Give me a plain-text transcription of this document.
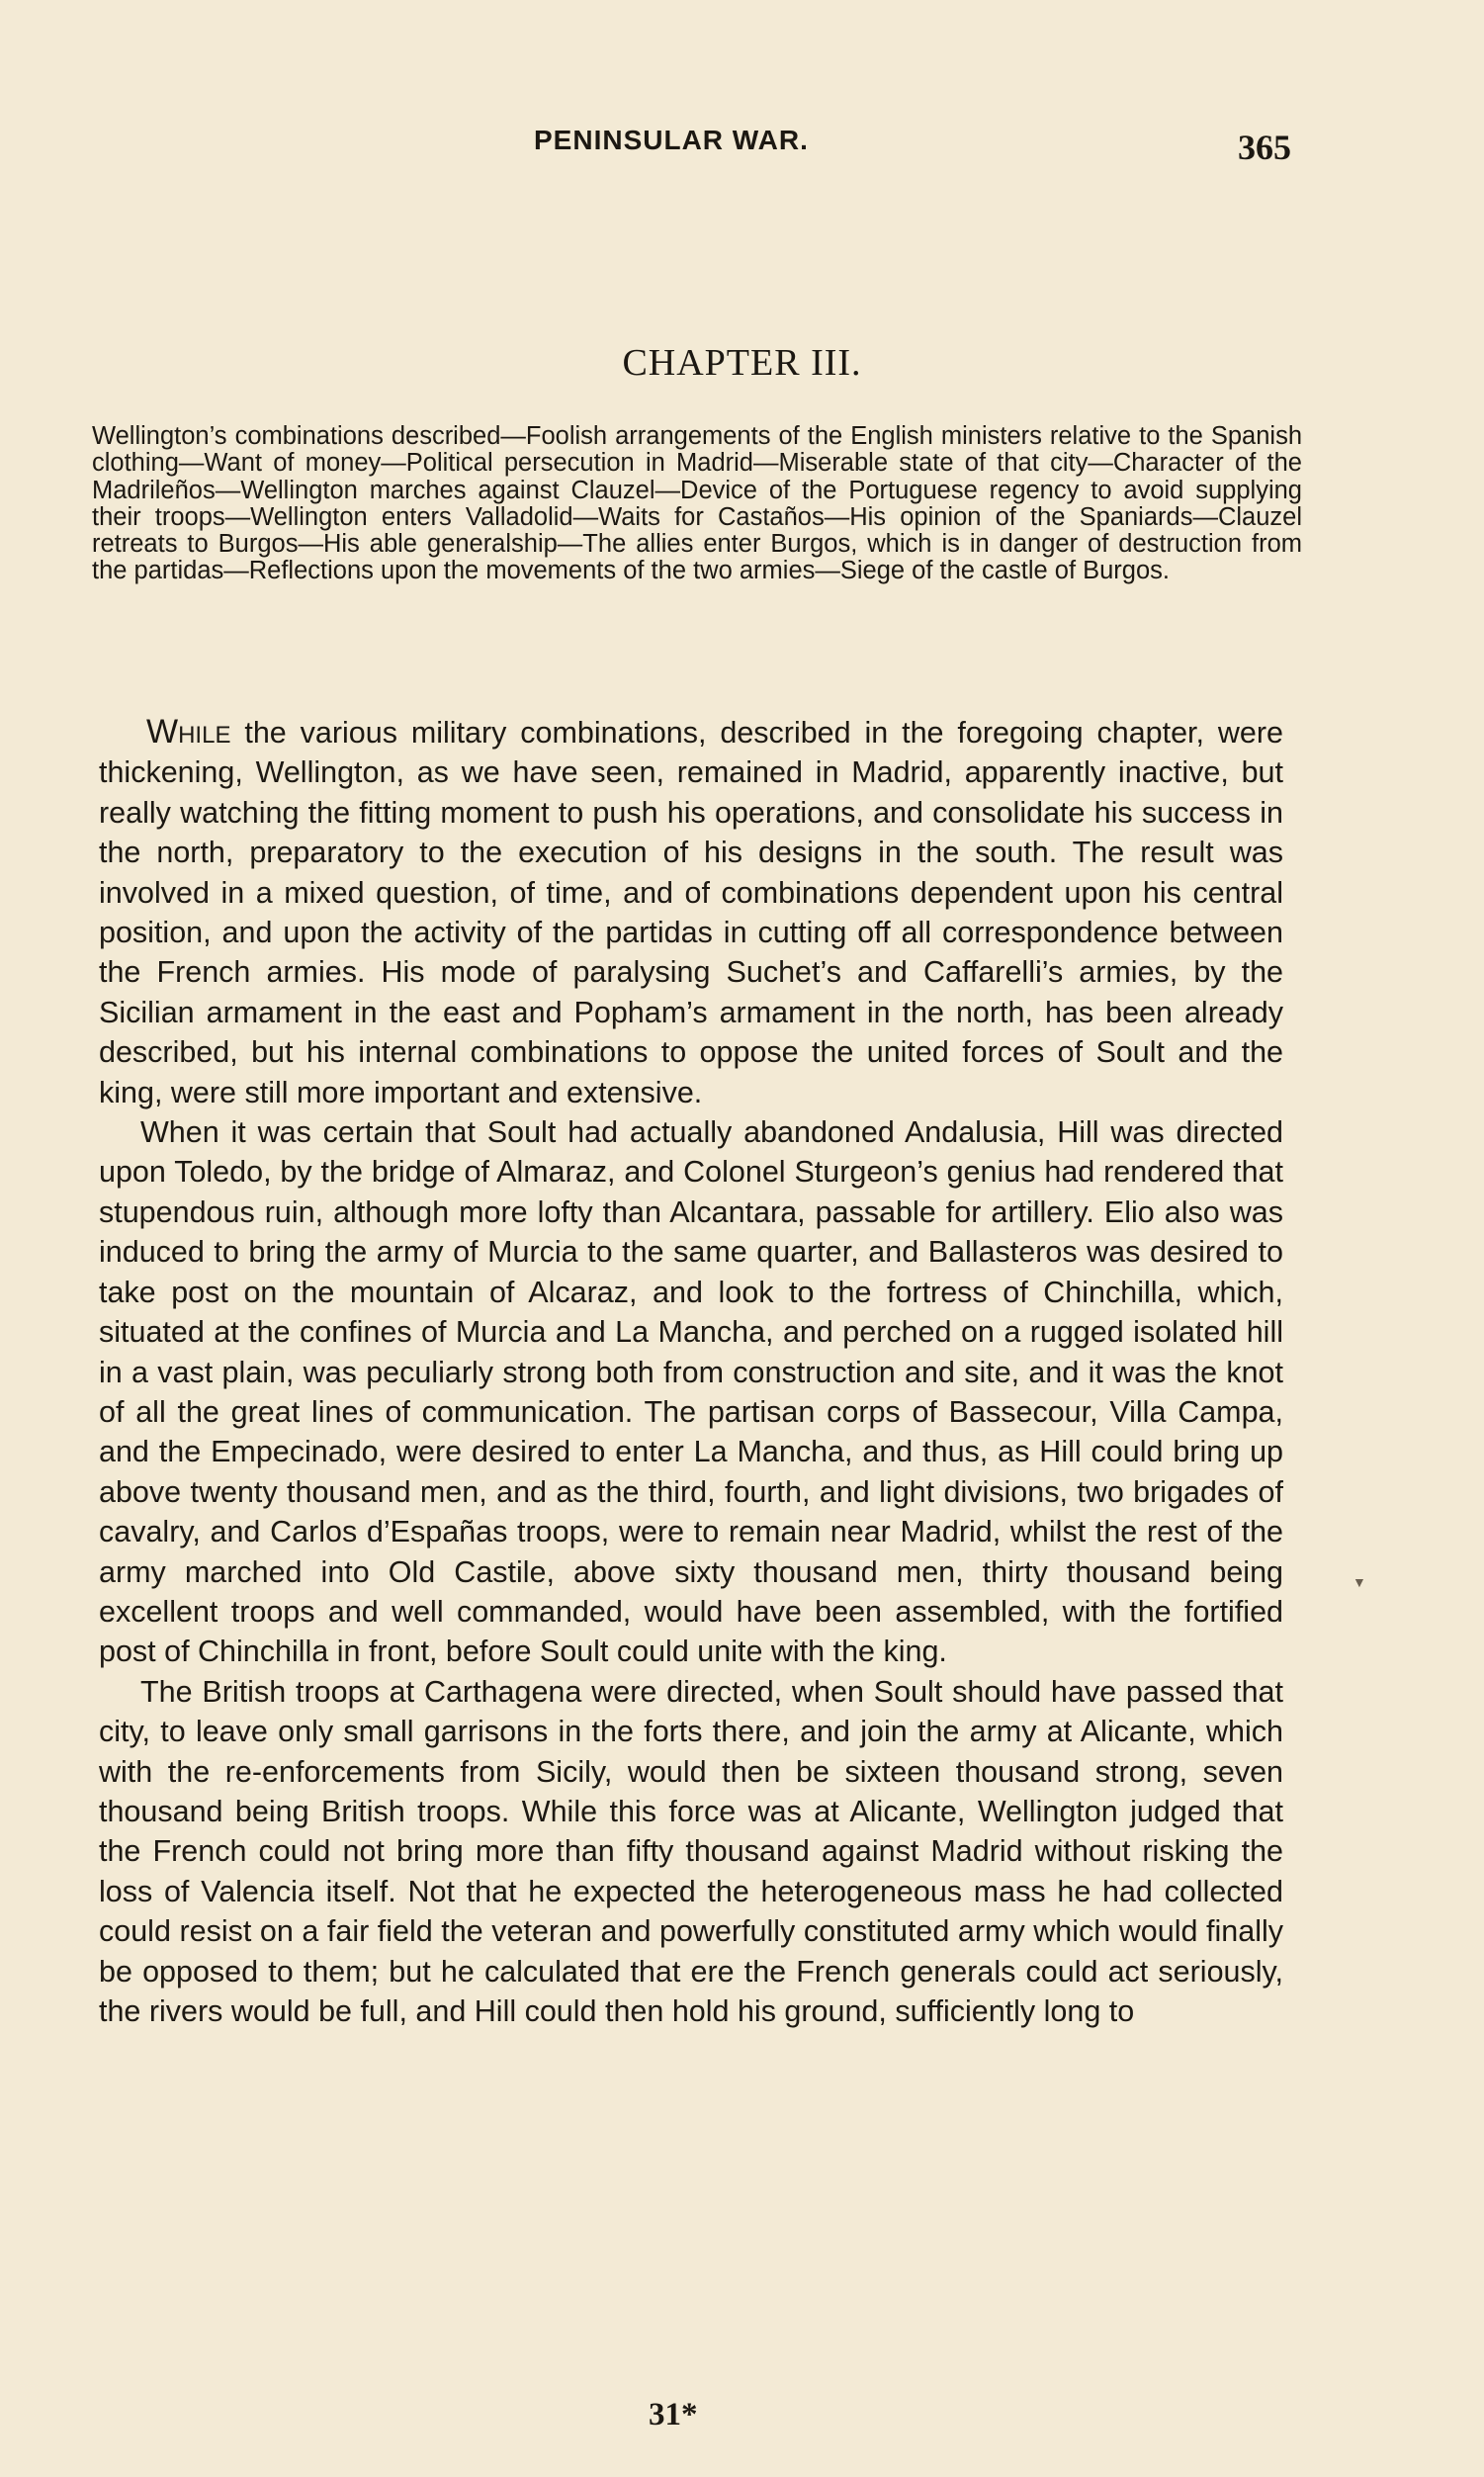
PENINSULAR WAR.	365
CHAPTER III.

Wellington’s combinations described—Foolish arrangements of the English ministers relative to the Spanish clothing—Want of money—Political persecution in Madrid—Miserable state of that city—Character of the Madrileños—Wellington marches against Clauzel—Device of the Portuguese regency to avoid supplying their troops—Wellington enters Valladolid—Waits for Castaños—His opinion of the Spaniards—Clauzel retreats to Burgos—His able generalship—The allies enter Burgos, which is in danger of destruction from the partidas—Reflections upon the movements of the two armies—Siege of the castle of Burgos.

While the various military combinations, described in the foregoing chapter, were thickening, Wellington, as we have seen, remained in Madrid, apparently inactive, but really watching the fitting moment to push his operations, and consolidate his success in the north, preparatory to the execution of his designs in the south. The result was involved in a mixed question, of time, and of combinations dependent upon his central position, and upon the activity of the partidas in cutting off all correspondence between the French armies. His mode of paralysing Suchet’s and Caffarelli’s armies, by the Sicilian armament in the east and Popham’s armament in the north, has been already described, but his internal combinations to oppose the united forces of Soult and the king, were still more important and extensive.

When it was certain that Soult had actually abandoned Andalusia, Hill was directed upon Toledo, by the bridge of Almaraz, and Colonel Sturgeon’s genius had rendered that stupendous ruin, although more lofty than Alcantara, passable for artillery. Elio also was induced to bring the army of Murcia to the same quarter, and Ballasteros was desired to take post on the mountain of Alcaraz, and look to the fortress of Chinchilla, which, situated at the confines of Murcia and La Mancha, and perched on a rugged isolated hill in a vast plain, was peculiarly strong both from construction and site, and it was the knot of all the great lines of communication. The partisan corps of Bassecour, Villa Campa, and the Empecinado, were desired to enter La Mancha, and thus, as Hill could bring up above twenty thousand men, and as the third, fourth, and light divisions, two brigades of cavalry, and Carlos d’Españas troops, were to remain near Madrid, whilst the rest of the army marched into Old Castile, above sixty thousand men, thirty thousand being excellent troops and well commanded, would have been assembled, with the fortified post of Chinchilla in front, before Soult could unite with the king.

The British troops at Carthagena were directed, when Soult should have passed that city, to leave only small garrisons in the forts there, and join the army at Alicante, which with the re-enforcements from Sicily, would then be sixteen thousand strong, seven thousand being British troops. While this force was at Alicante, Wellington judged that the French could not bring more than fifty thousand against Madrid without risking the loss of Valencia itself. Not that he expected the heterogeneous mass he had collected could resist on a fair field the veteran and powerfully constituted army which would finally be opposed to them; but he calculated that ere the French generals could act seriously, the rivers would be full, and Hill could then hold his ground, sufficiently long to

▼
31*
